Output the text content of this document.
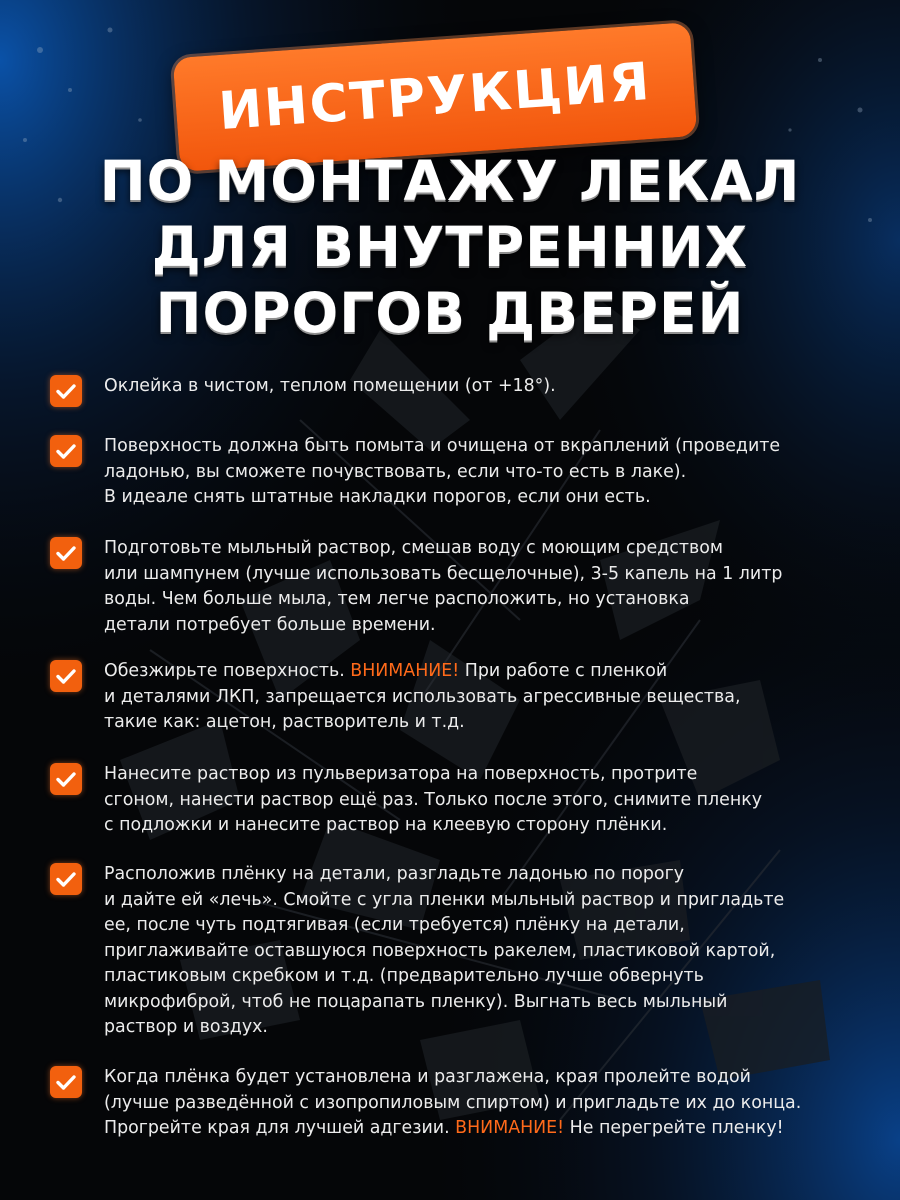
ИНСТРУКЦИЯ
ПО МОНТАЖУ ЛЕКАЛ
ДЛЯ ВНУТРЕННИХ
ПОРОГОВ ДВЕРЕЙ
Оклейка в чистом, теплом помещении (от +18°).
Поверхность должна быть помыта и очищена от вкраплений (проведите
ладонью, вы сможете почувствовать, если что-то есть в лаке).
В идеале снять штатные накладки порогов, если они есть.
Подготовьте мыльный раствор, смешав воду с моющим средством
или шампунем (лучше использовать бесщелочные), 3-5 капель на 1 литр
воды. Чем больше мыла, тем легче расположить, но установка
детали потребует больше времени.
Обезжирьте поверхность. ВНИМАНИЕ! При работе с пленкой
и деталями ЛКП, запрещается использовать агрессивные вещества,
такие как: ацетон, растворитель и т.д.
Нанесите раствор из пульверизатора на поверхность, протрите
сгоном, нанести раствор ещё раз. Только после этого, снимите пленку
с подложки и нанесите раствор на клеевую сторону плёнки.
Расположив плёнку на детали, разгладьте ладонью по порогу
и дайте ей «лечь». Смойте с угла пленки мыльный раствор и пригладьте
ее, после чуть подтягивая (если требуется) плёнку на детали,
приглаживайте оставшуюся поверхность ракелем, пластиковой картой,
пластиковым скребком и т.д. (предварительно лучше обвернуть
микрофиброй, чтоб не поцарапать пленку). Выгнать весь мыльный
раствор и воздух.
Когда плёнка будет установлена и разглажена, края пролейте водой
(лучше разведённой с изопропиловым спиртом) и пригладьте их до конца.
Прогрейте края для лучшей адгезии. ВНИМАНИЕ! Не перегрейте пленку!
